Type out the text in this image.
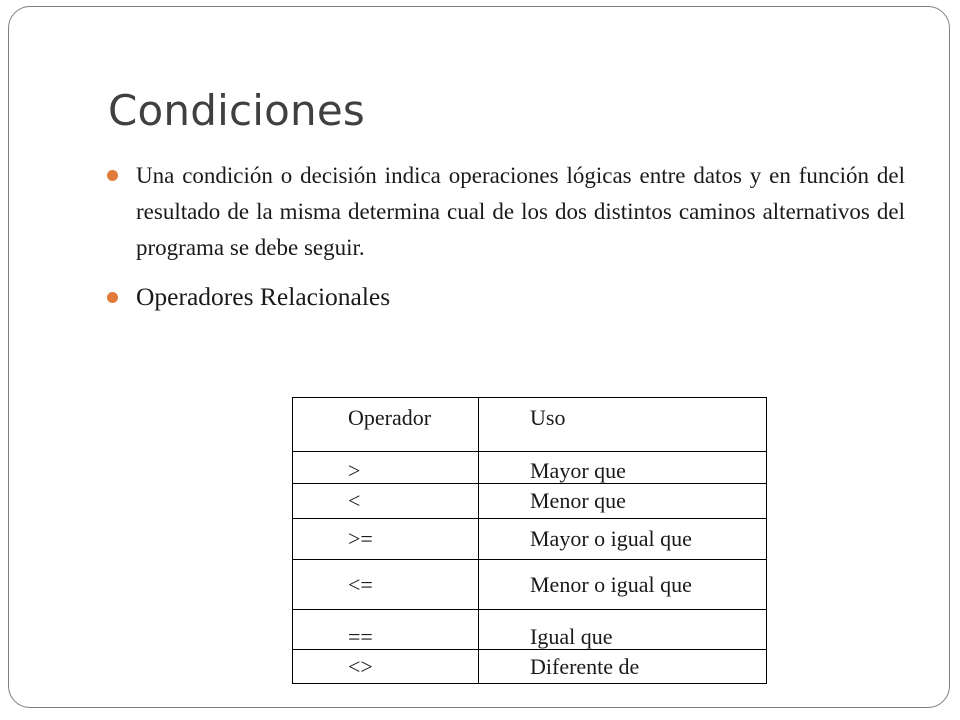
Condiciones
Una condición o decisión indica operaciones lógicas entre datos y en función del resultado de la misma determina cual de los dos distintos caminos alternativos del programa se debe seguir.
Operadores Relacionales
Operador	Uso
>	Mayor que
<	Menor que
>=	Mayor o igual que
<=	Menor o igual que
==	Igual que
<>	Diferente de
